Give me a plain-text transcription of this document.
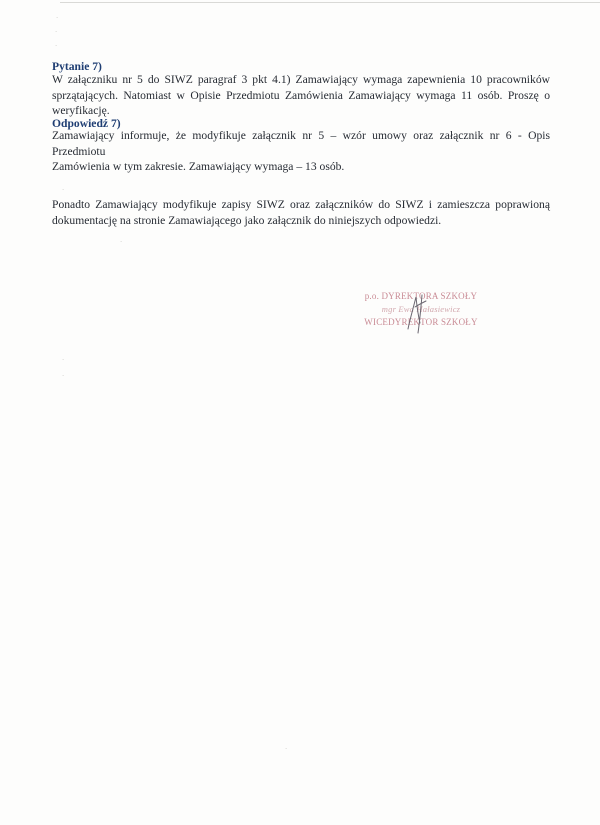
·
·
·
·
·
·
·
·
Pytanie 7)
W załączniku nr 5 do SIWZ paragraf 3 pkt 4.1) Zamawiający wymaga zapewnienia 10 pracowników
sprzątających. Natomiast w Opisie Przedmiotu Zamówienia Zamawiający wymaga 11 osób. Proszę o
weryfikację.
Odpowiedź 7)
Zamawiający informuje, że modyfikuje załącznik nr 5 – wzór umowy oraz załącznik nr 6 - Opis Przedmiotu
Zamówienia w tym zakresie. Zamawiający wymaga – 13 osób.
Ponadto Zamawiający modyfikuje zapisy SIWZ oraz załączników do SIWZ i zamieszcza poprawioną
dokumentację na stronie Zamawiającego jako załącznik do niniejszych odpowiedzi.
p.o. DYREKTORA SZKOŁY
mgr Ewa Hałasiewicz
WICEDYREKTOR SZKOŁY
